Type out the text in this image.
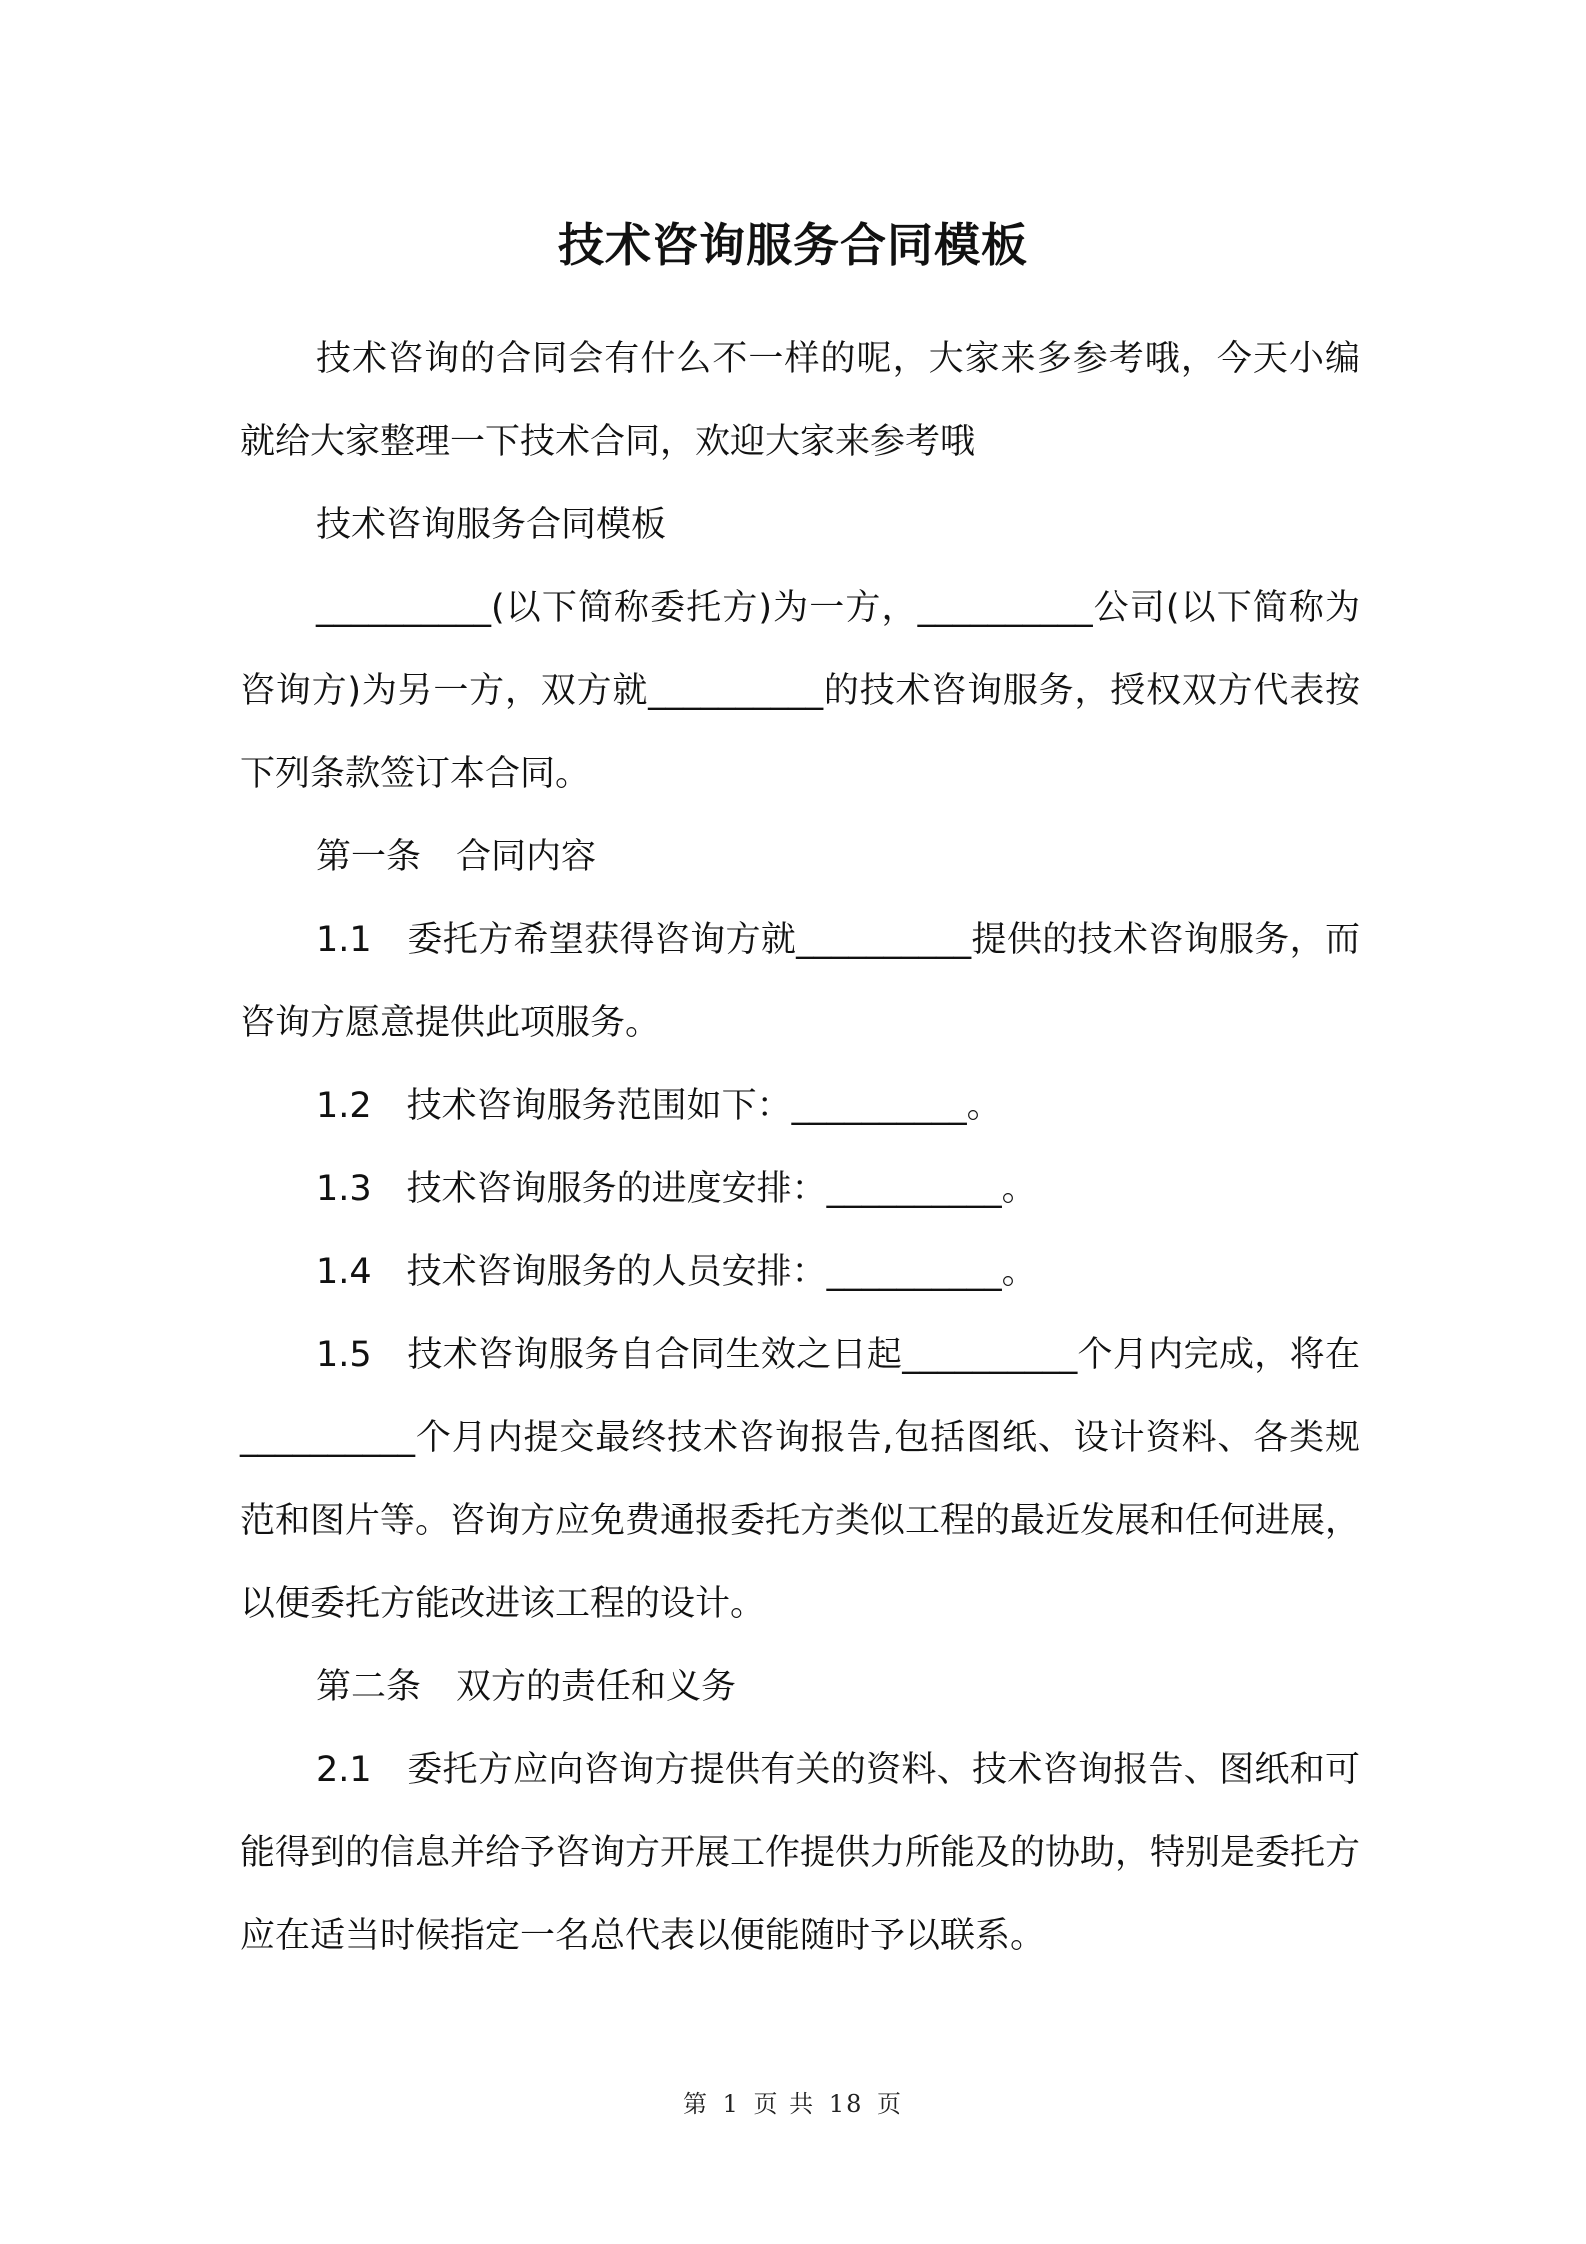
技术咨询服务合同模板

技术咨询的合同会有什么不一样的呢，大家来多参考哦，今天小编就给大家整理一下技术合同，欢迎大家来参考哦

技术咨询服务合同模板

__________(以下简称委托方)为一方，__________公司(以下简称为咨询方)为另一方，双方就__________的技术咨询服务，授权双方代表按下列条款签订本合同。

第一条　合同内容

1.1　委托方希望获得咨询方就__________提供的技术咨询服务，而咨询方愿意提供此项服务。

1.2　技术咨询服务范围如下：__________。

1.3　技术咨询服务的进度安排：__________。

1.4　技术咨询服务的人员安排：__________。

1.5　技术咨询服务自合同生效之日起__________个月内完成，将在__________个月内提交最终技术咨询报告,包括图纸、设计资料、各类规范和图片等。咨询方应免费通报委托方类似工程的最近发展和任何进展，以便委托方能改进该工程的设计。

第二条　双方的责任和义务

2.1　委托方应向咨询方提供有关的资料、技术咨询报告、图纸和可能得到的信息并给予咨询方开展工作提供力所能及的协助，特别是委托方应在适当时候指定一名总代表以便能随时予以联系。

第 1 页 共 18 页
